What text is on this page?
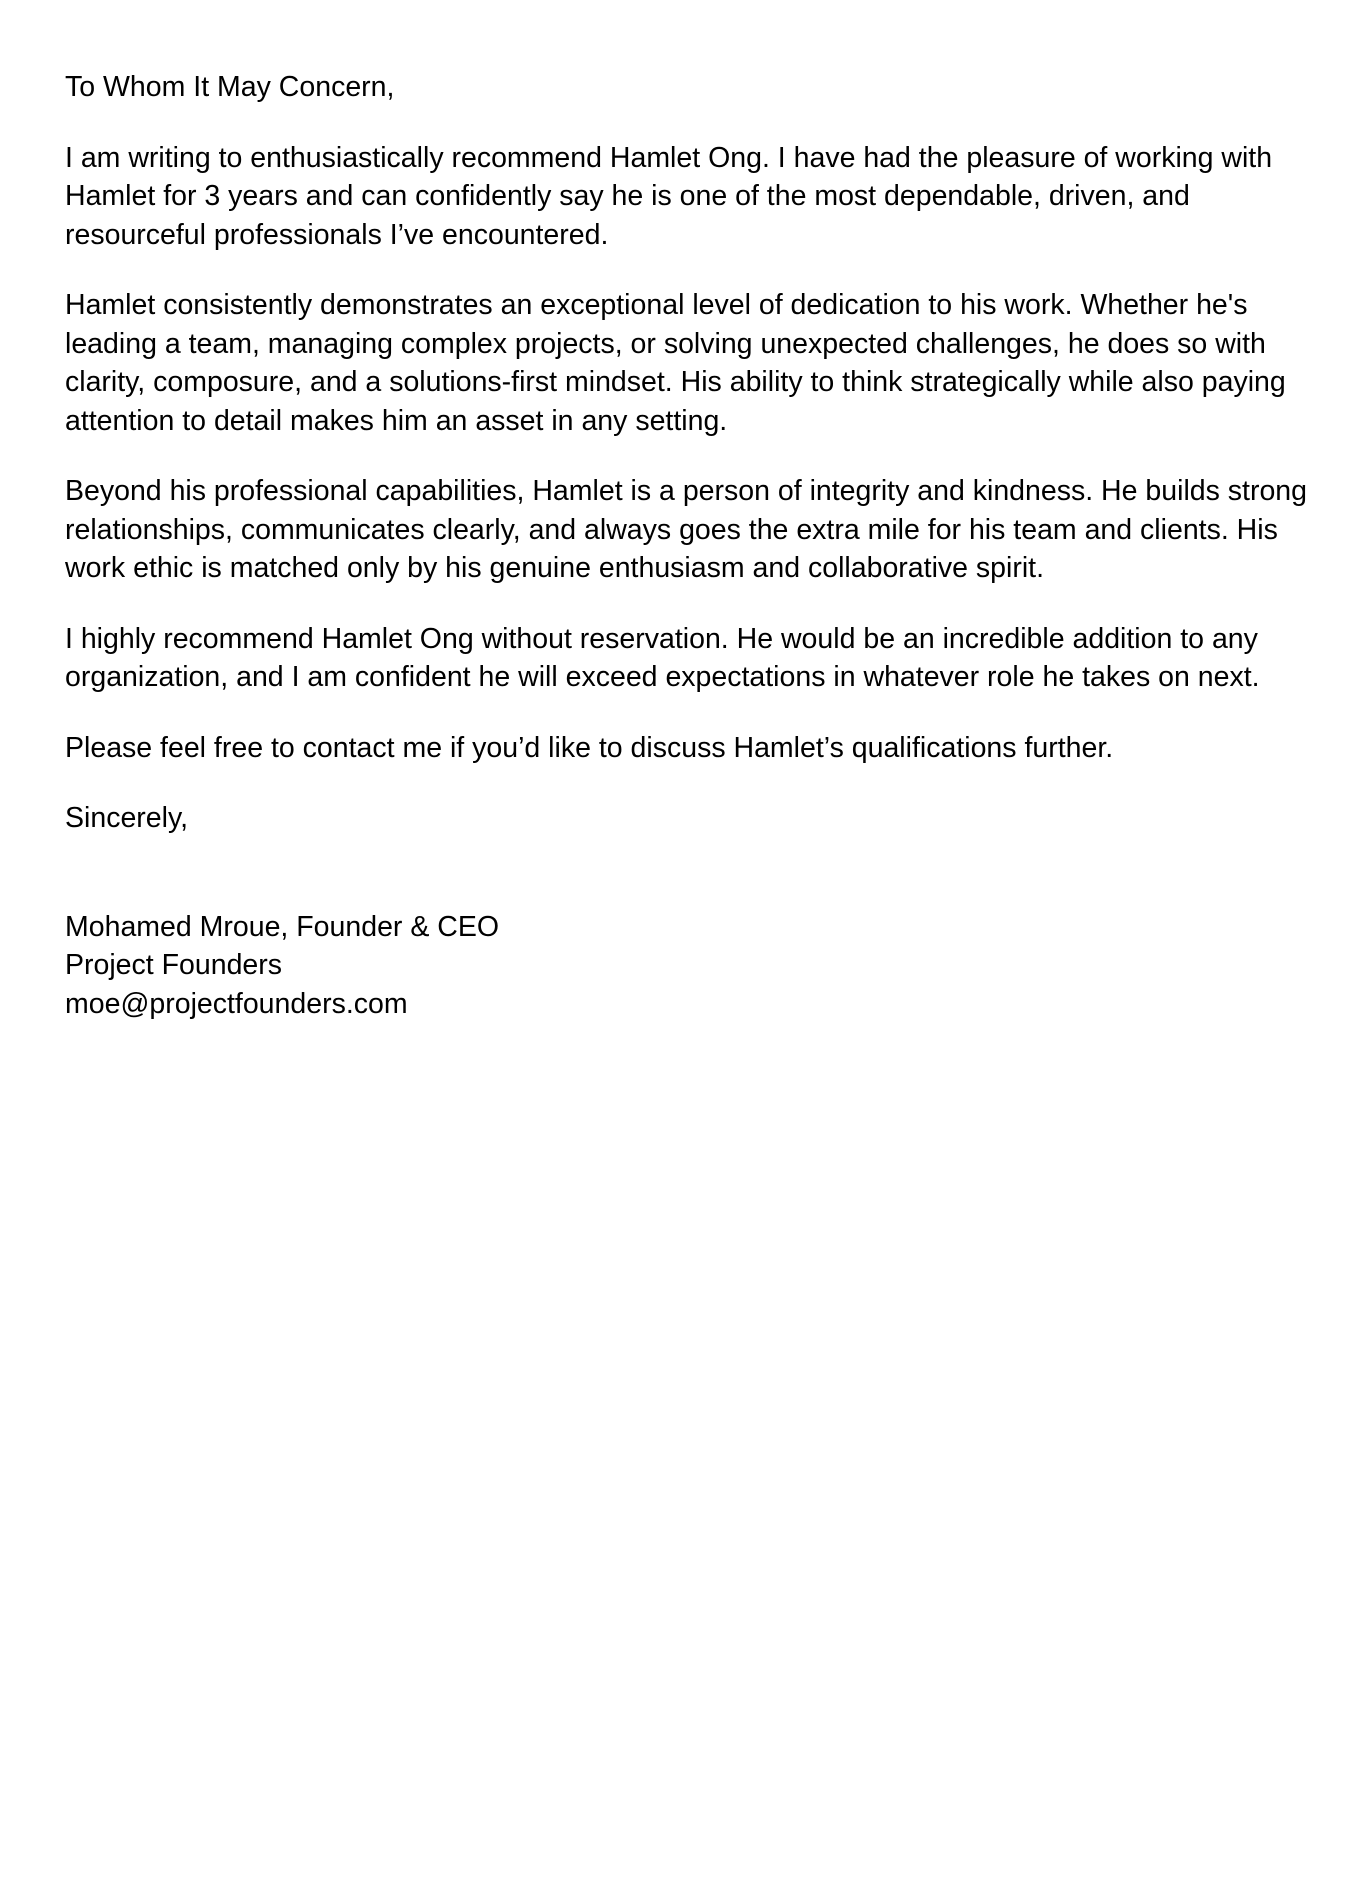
To Whom It May Concern,

I am writing to enthusiastically recommend Hamlet Ong. I have had the pleasure of working with Hamlet for 3 years and can confidently say he is one of the most dependable, driven, and resourceful professionals I’ve encountered.

Hamlet consistently demonstrates an exceptional level of dedication to his work. Whether he's leading a team, managing complex projects, or solving unexpected challenges, he does so with clarity, composure, and a solutions-first mindset. His ability to think strategically while also paying attention to detail makes him an asset in any setting.

Beyond his professional capabilities, Hamlet is a person of integrity and kindness. He builds strong relationships, communicates clearly, and always goes the extra mile for his team and clients. His work ethic is matched only by his genuine enthusiasm and collaborative spirit.

I highly recommend Hamlet Ong without reservation. He would be an incredible addition to any organization, and I am confident he will exceed expectations in whatever role he takes on next.

Please feel free to contact me if you’d like to discuss Hamlet’s qualifications further.

Sincerely,

Mohamed Mroue, Founder & CEO
Project Founders
moe@projectfounders.com
